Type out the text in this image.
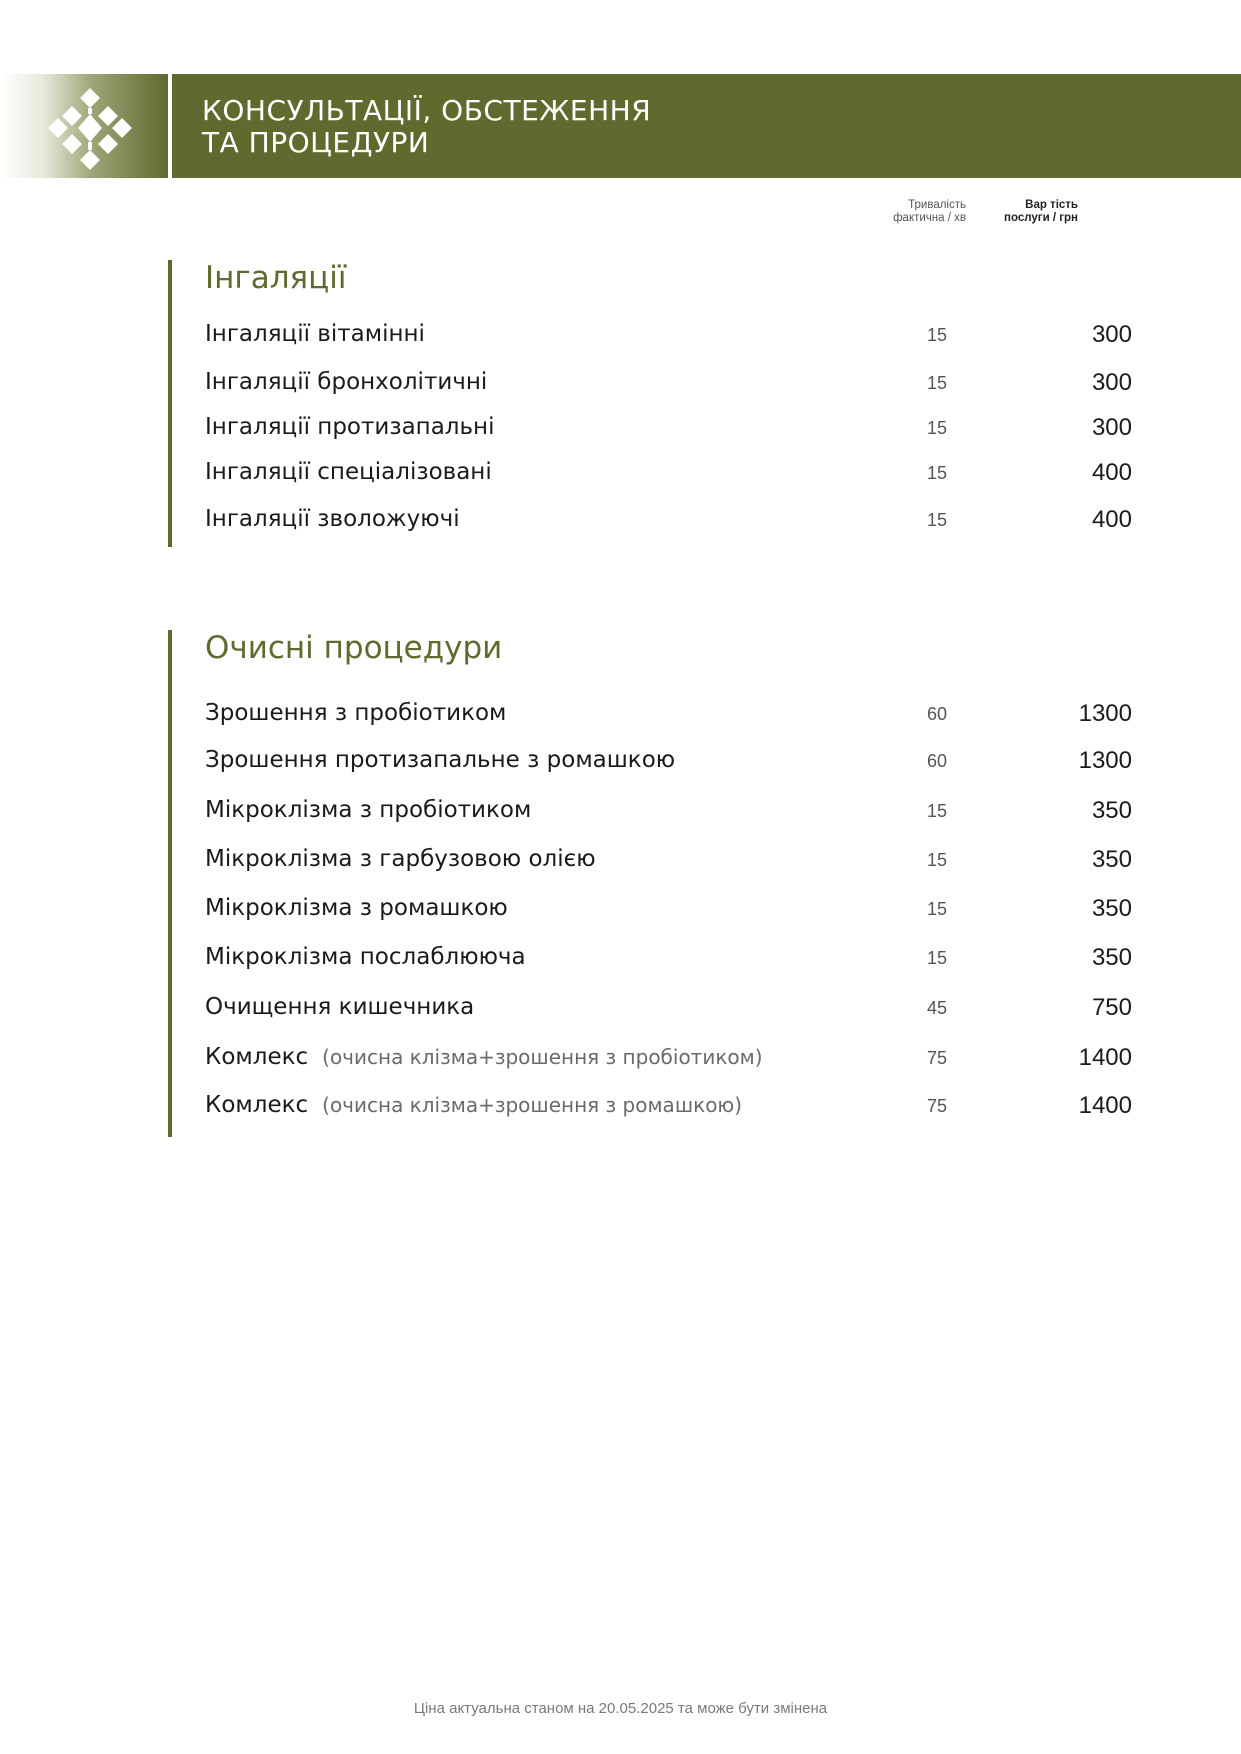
КОНСУЛЬТАЦІЇ, ОБСТЕЖЕННЯ
ТА ПРОЦЕДУРИ
Тривалість
фактична / хв
Вар тість
послуги / грн
Інгаляції
Інгаляції вітамінні	15	300
Інгаляції бронхолітичні	15	300
Інгаляції протизапальні	15	300
Інгаляції спеціалізовані	15	400
Інгаляції зволожуючі	15	400
Очисні процедури
Зрошення з пробіотиком	60	1300
Зрошення протизапальне з ромашкою	60	1300
Мікроклізма з пробіотиком	15	350
Мікроклізма з гарбузовою олією	15	350
Мікроклізма з ромашкою	15	350
Мікроклізма послаблююча	15	350
Очищення кишечника	45	750
Комлекс (очисна клізма+зрошення з пробіотиком)	75	1400
Комлекс (очисна клізма+зрошення з ромашкою)	75	1400
Ціна актуальна станом на 20.05.2025 та може бути змінена
